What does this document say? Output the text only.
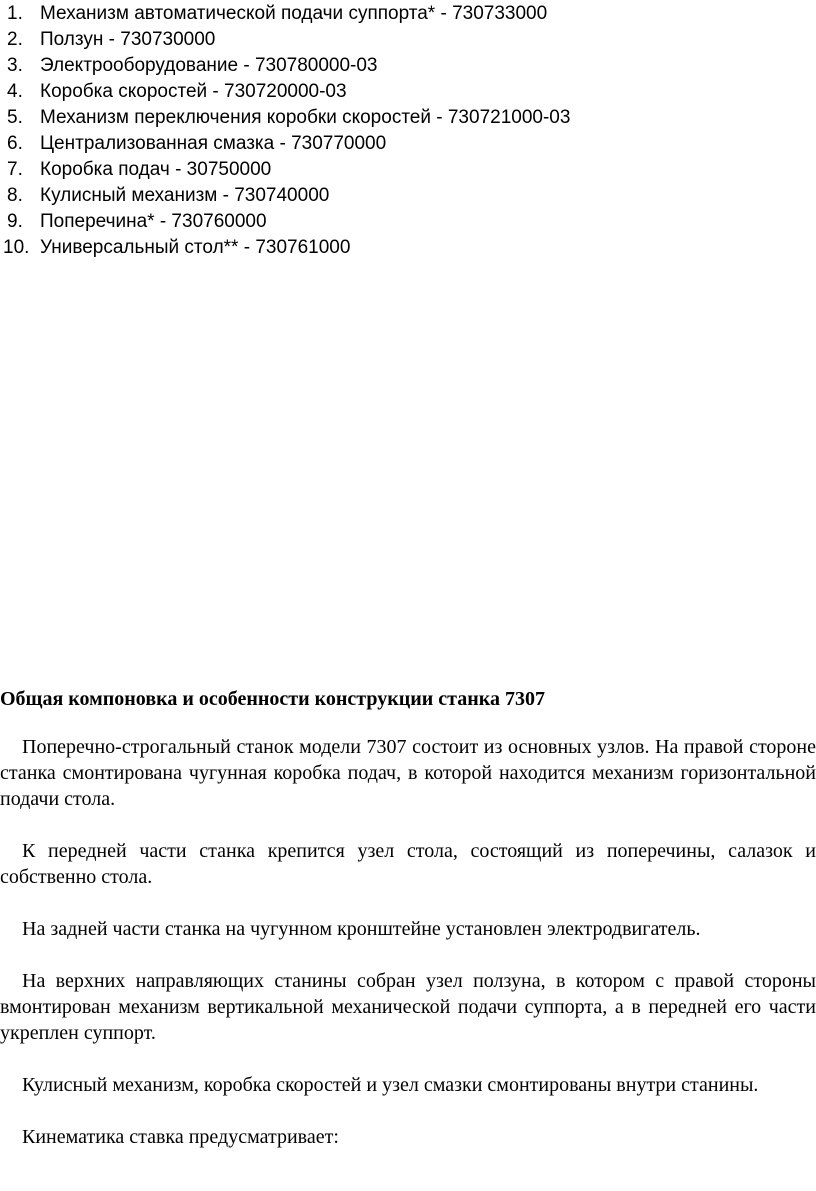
1. Механизм автоматической подачи суппорта* - 730733000
2. Ползун - 730730000
3. Электрооборудование - 730780000-03
4. Коробка скоростей - 730720000-03
5. Механизм переключения коробки скоростей - 730721000-03
6. Централизованная смазка - 730770000
7. Коробка подач - 30750000
8. Кулисный механизм - 730740000
9. Поперечина* - 730760000
10. Универсальный стол** - 730761000
Общая компоновка и особенности конструкции станка 7307

Поперечно-строгальный станок модели 7307 состоит из основных узлов. На правой стороне станка смонтирована чугунная коробка подач, в которой находится механизм горизонтальной подачи стола.

К передней части станка крепится узел стола, состоящий из поперечины, салазок и собственно стола.

На задней части станка на чугунном кронштейне установлен электродвигатель.

На верхних направляющих станины собран узел ползуна, в котором с правой стороны вмонтирован механизм вертикальной механической подачи суппорта, а в передней его части укреплен суппорт.

Кулисный механизм, коробка скоростей и узел смазки смонтированы внутри станины.

Кинематика ставка предусматривает:
